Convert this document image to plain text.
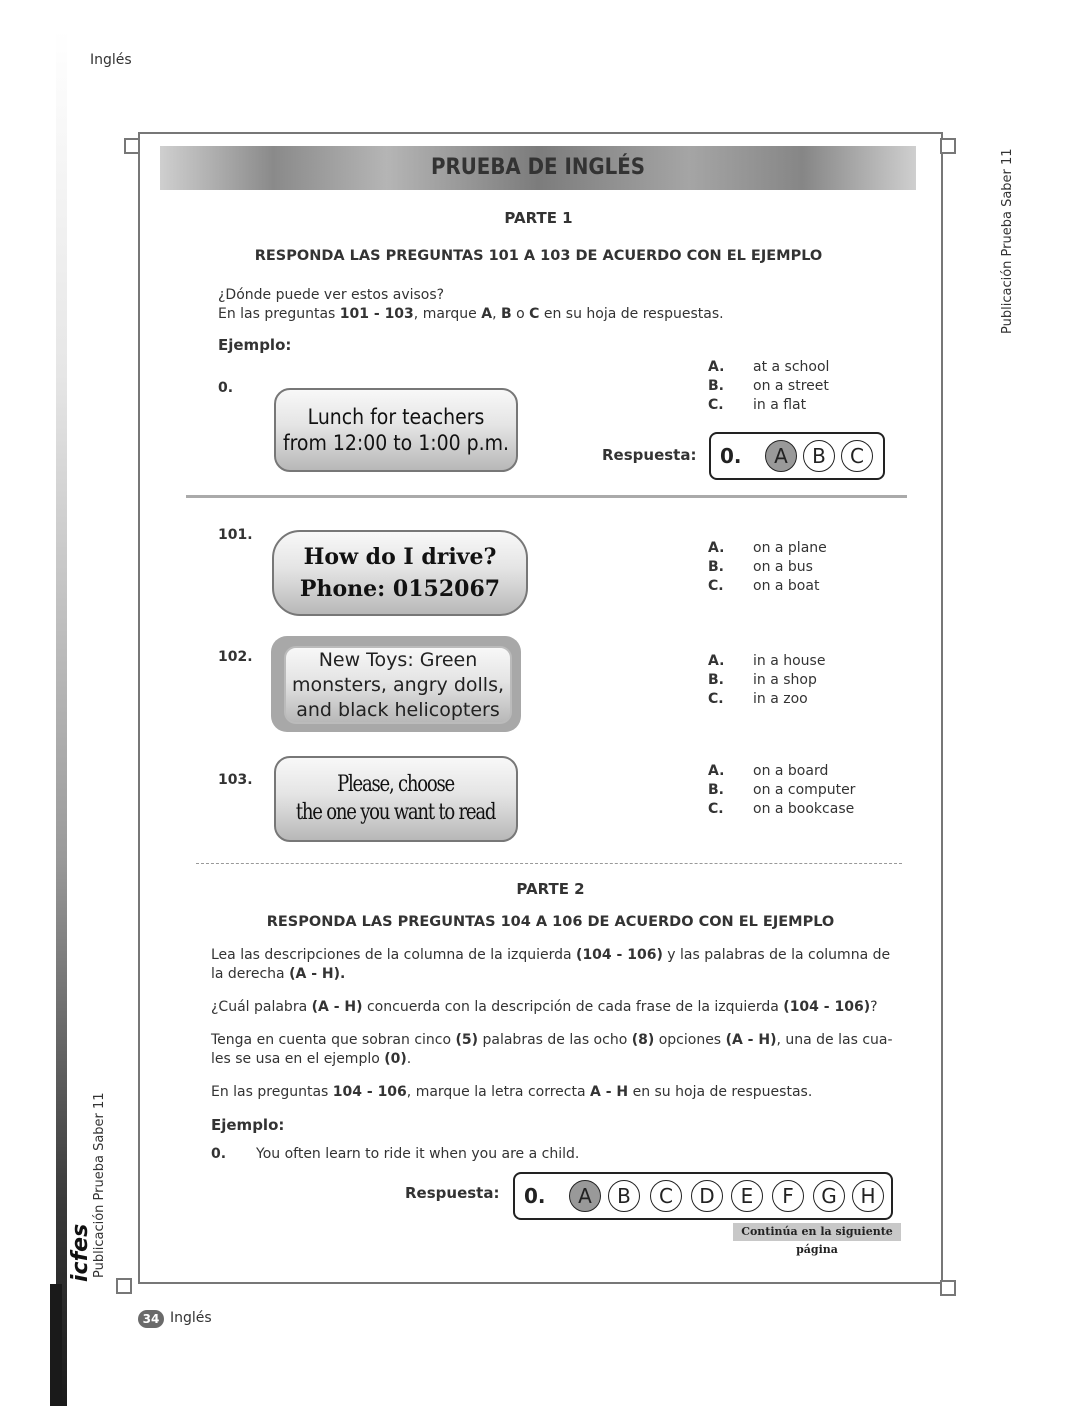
Inglés
Publicación Prueba Saber 11
Publicación Prueba Saber 11
icfes
PRUEBA DE INGLÉS
PARTE 1
RESPONDA LAS PREGUNTAS 101 A 103 DE ACUERDO CON EL EJEMPLO
¿Dónde puede ver estos avisos?
En las preguntas 101 - 103, marque A, B o C en su hoja de respuestas.
Ejemplo:
0.
Lunch for teachers
from 12:00 to 1:00 p.m.
A. at a school
B. on a street
C. in a flat
Respuesta: 0.	A	B	C
101.
How do I drive?
Phone: 0152067
A. on a plane
B. on a bus
C. on a boat
102.	New Toys: Green
monsters, angry dolls,
and black helicopters
A. in a house
B. in a shop
C. in a zoo
103.	Please, choose
the one you want to read
A. on a board
B. on a computer
C. on a bookcase
PARTE 2
RESPONDA LAS PREGUNTAS 104 A 106 DE ACUERDO CON EL EJEMPLO
Lea las descripciones de la columna de la izquierda (104 - 106) y las palabras de la columna de la derecha (A - H).
¿Cuál palabra (A - H) concuerda con la descripción de cada frase de la izquierda (104 - 106)?
Tenga en cuenta que sobran cinco (5) palabras de las ocho (8) opciones (A - H), una de las cua-les se usa en el ejemplo (0).
En las preguntas 104 - 106, marque la letra correcta A - H en su hoja de respuestas.
Ejemplo:
0. You often learn to ride it when you are a child.
Respuesta: 0.	A	B	C	D	E	F	G	H
Continúa en la siguiente página
34 Inglés
